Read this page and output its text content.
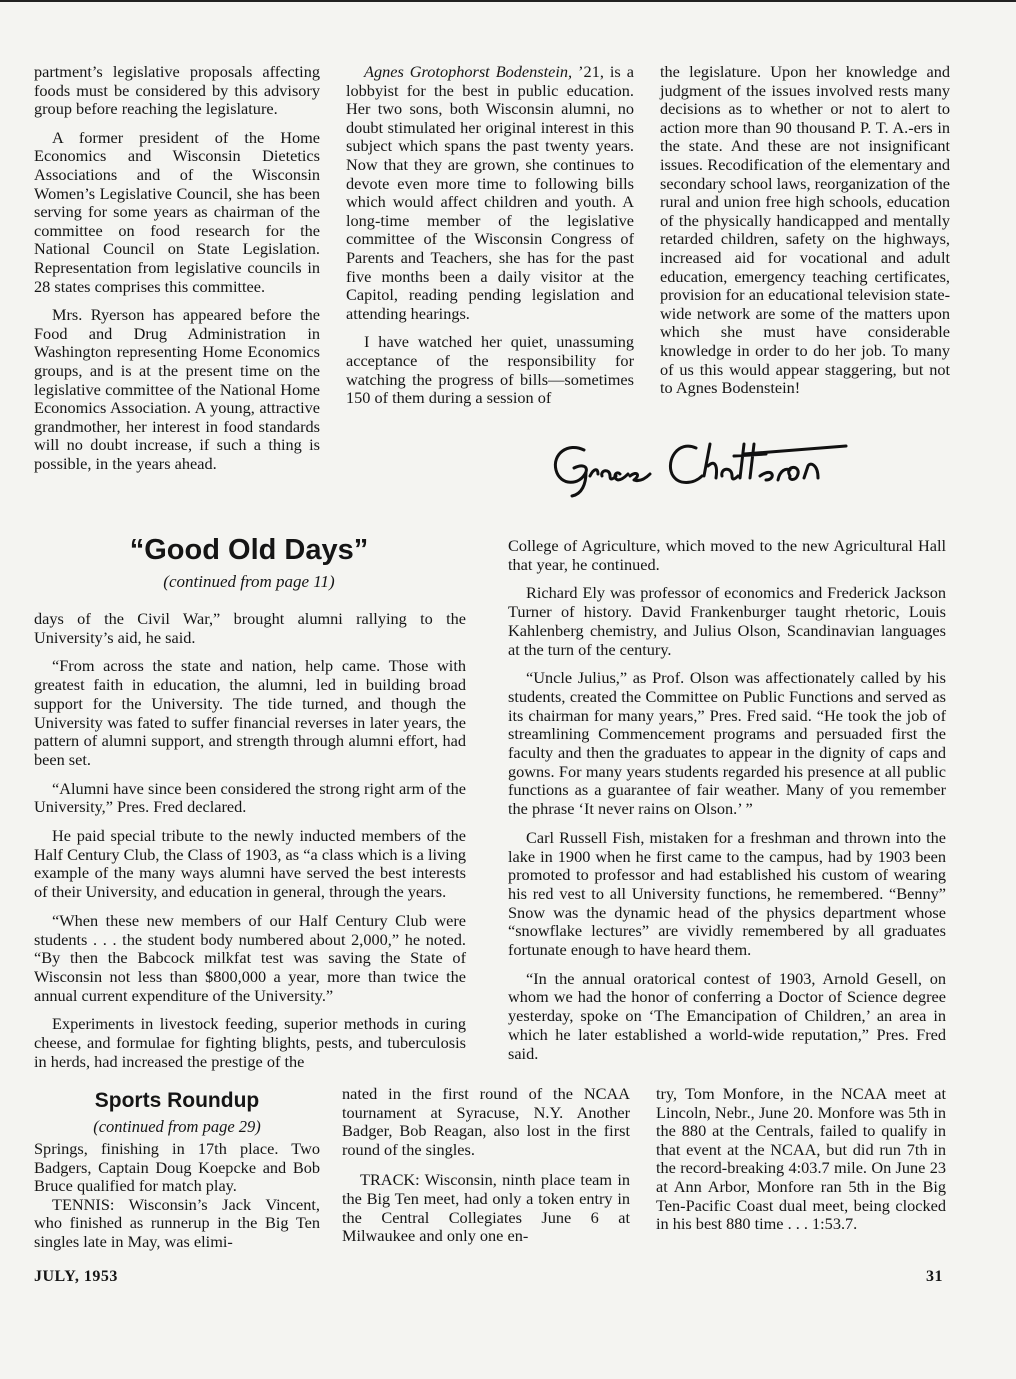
partment’s legislative proposals affecting foods must be considered by this advisory group before reaching the legislature.

A former president of the Home Economics and Wisconsin Dietetics Associations and of the Wisconsin Women’s Legislative Council, she has been serving for some years as chairman of the committee on food research for the National Council on State Legislation. Representation from legislative councils in 28 states comprises this committee.

Mrs. Ryerson has appeared before the Food and Drug Administration in Washington representing Home Economics groups, and is at the present time on the legislative committee of the National Home Economics Association. A young, attractive grandmother, her interest in food standards will no doubt increase, if such a thing is possible, in the years ahead.

Agnes Grotophorst Bodenstein, ’21, is a lobbyist for the best in public education. Her two sons, both Wisconsin alumni, no doubt stimulated her original interest in this subject which spans the past twenty years. Now that they are grown, she continues to devote even more time to following bills which would affect children and youth. A long-time member of the legislative committee of the Wisconsin Congress of Parents and Teachers, she has for the past five months been a daily visitor at the Capitol, reading pending legislation and attending hearings.

I have watched her quiet, unassuming acceptance of the responsibility for watching the progress of bills—sometimes 150 of them during a session of

the legislature. Upon her knowledge and judgment of the issues involved rests many decisions as to whether or not to alert to action more than 90 thousand P. T. A.-ers in the state. And these are not insignificant issues. Recodification of the elementary and secondary school laws, reorganization of the rural and union free high schools, education of the physically handicapped and mentally retarded children, safety on the highways, increased aid for vocational and adult education, emergency teaching certificates, provision for an educational television state-wide network are some of the matters upon which she must have considerable knowledge in order to do her job. To many of us this would appear staggering, but not to Agnes Bodenstein!

“Good Old Days”

(continued from page 11)

days of the Civil War,” brought alumni rallying to the University’s aid, he said.

“From across the state and nation, help came. Those with greatest faith in education, the alumni, led in building broad support for the University. The tide turned, and though the University was fated to suffer financial reverses in later years, the pattern of alumni support, and strength through alumni effort, had been set.

“Alumni have since been considered the strong right arm of the University,” Pres. Fred declared.

He paid special tribute to the newly inducted members of the Half Century Club, the Class of 1903, as “a class which is a living example of the many ways alumni have served the best interests of their University, and education in general, through the years.

“When these new members of our Half Century Club were students . . . the student body numbered about 2,000,” he noted. “By then the Babcock milkfat test was saving the State of Wisconsin not less than $800,000 a year, more than twice the annual current expenditure of the University.”

Experiments in livestock feeding, superior methods in curing cheese, and formulae for fighting blights, pests, and tuberculosis in herds, had increased the prestige of the

College of Agriculture, which moved to the new Agricultural Hall that year, he continued.

Richard Ely was professor of economics and Frederick Jackson Turner of history. David Frankenburger taught rhetoric, Louis Kahlenberg chemistry, and Julius Olson, Scandinavian languages at the turn of the century.

“Uncle Julius,” as Prof. Olson was affectionately called by his students, created the Committee on Public Functions and served as its chairman for many years,” Pres. Fred said. “He took the job of streamlining Commencement programs and persuaded first the faculty and then the graduates to appear in the dignity of caps and gowns. For many years students regarded his presence at all public functions as a guarantee of fair weather. Many of you remember the phrase ‘It never rains on Olson.’ ”

Carl Russell Fish, mistaken for a freshman and thrown into the lake in 1900 when he first came to the campus, had by 1903 been promoted to professor and had established his custom of wearing his red vest to all University functions, he remembered. “Benny” Snow was the dynamic head of the physics department whose “snowflake lectures” are vividly remembered by all graduates fortunate enough to have heard them.

“In the annual oratorical contest of 1903, Arnold Gesell, on whom we had the honor of conferring a Doctor of Science degree yesterday, spoke on ‘The Emancipation of Children,’ an area in which he later established a world-wide reputation,” Pres. Fred said.

Sports Roundup

(continued from page 29)

Springs, finishing in 17th place. Two Badgers, Captain Doug Koepcke and Bob Bruce qualified for match play.

TENNIS: Wisconsin’s Jack Vincent, who finished as runnerup in the Big Ten singles late in May, was elimi-

nated in the first round of the NCAA tournament at Syracuse, N.Y. Another Badger, Bob Reagan, also lost in the first round of the singles.

TRACK: Wisconsin, ninth place team in the Big Ten meet, had only a token entry in the Central Collegiates June 6 at Milwaukee and only one en-

try, Tom Monfore, in the NCAA meet at Lincoln, Nebr., June 20. Monfore was 5th in the 880 at the Centrals, failed to qualify in that event at the NCAA, but did run 7th in the record-breaking 4:03.7 mile. On June 23 at Ann Arbor, Monfore ran 5th in the Big Ten-Pacific Coast dual meet, being clocked in his best 880 time . . . 1:53.7.

JULY, 1953	31
